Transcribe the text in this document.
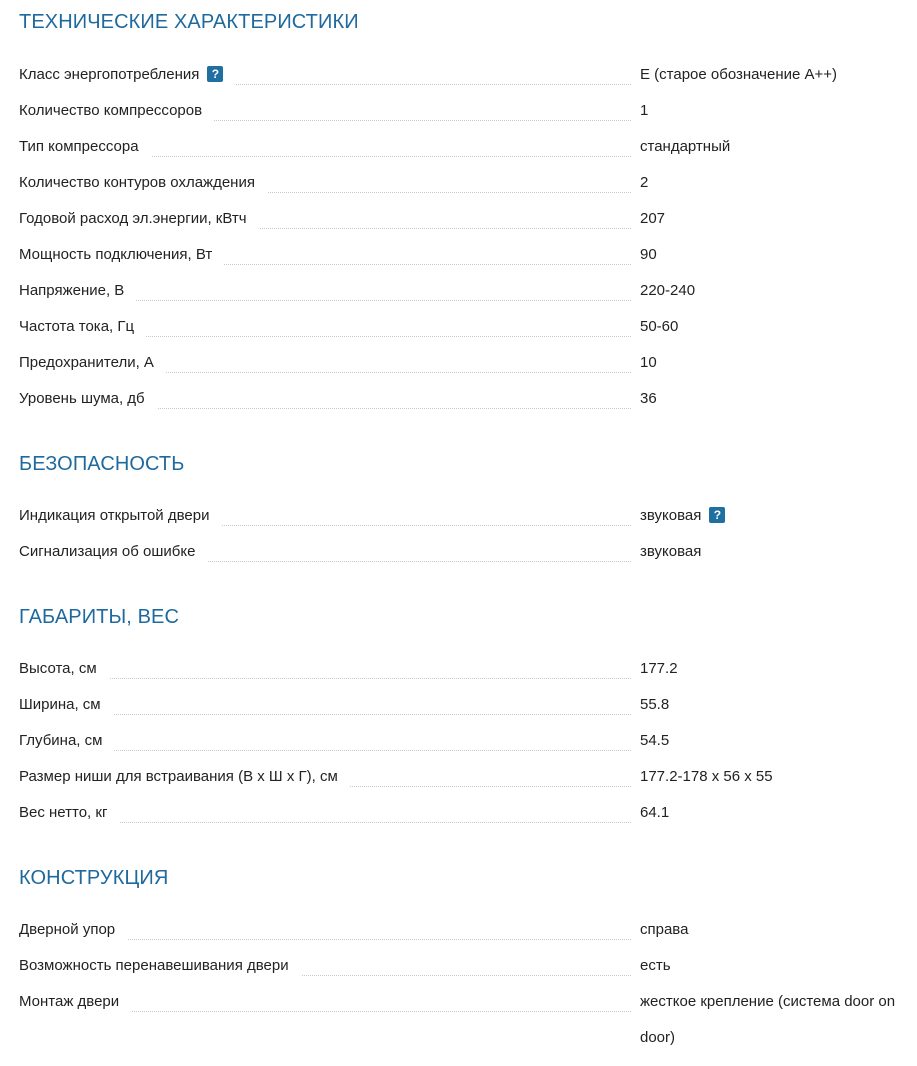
ТЕХНИЧЕСКИЕ ХАРАКТЕРИСТИКИ
Класс энергопотребления ?	E (старое обозначение A++)
Количество компрессоров	1
Тип компрессора	стандартный
Количество контуров охлаждения	2
Годовой расход эл.энергии, кВтч	207
Мощность подключения, Вт	90
Напряжение, В	220-240
Частота тока, Гц	50-60
Предохранители, А	10
Уровень шума, дб	36
БЕЗОПАСНОСТЬ
Индикация открытой двери	звуковая ?
Сигнализация об ошибке	звуковая
ГАБАРИТЫ, ВЕС
Высота, см	177.2
Ширина, см	55.8
Глубина, см	54.5
Размер ниши для встраивания (В х Ш х Г), см	177.2-178 x 56 x 55
Вес нетто, кг	64.1
КОНСТРУКЦИЯ
Дверной упор	справа
Возможность перенавешивания двери	есть
Монтаж двери	жесткое крепление (система door on door)
